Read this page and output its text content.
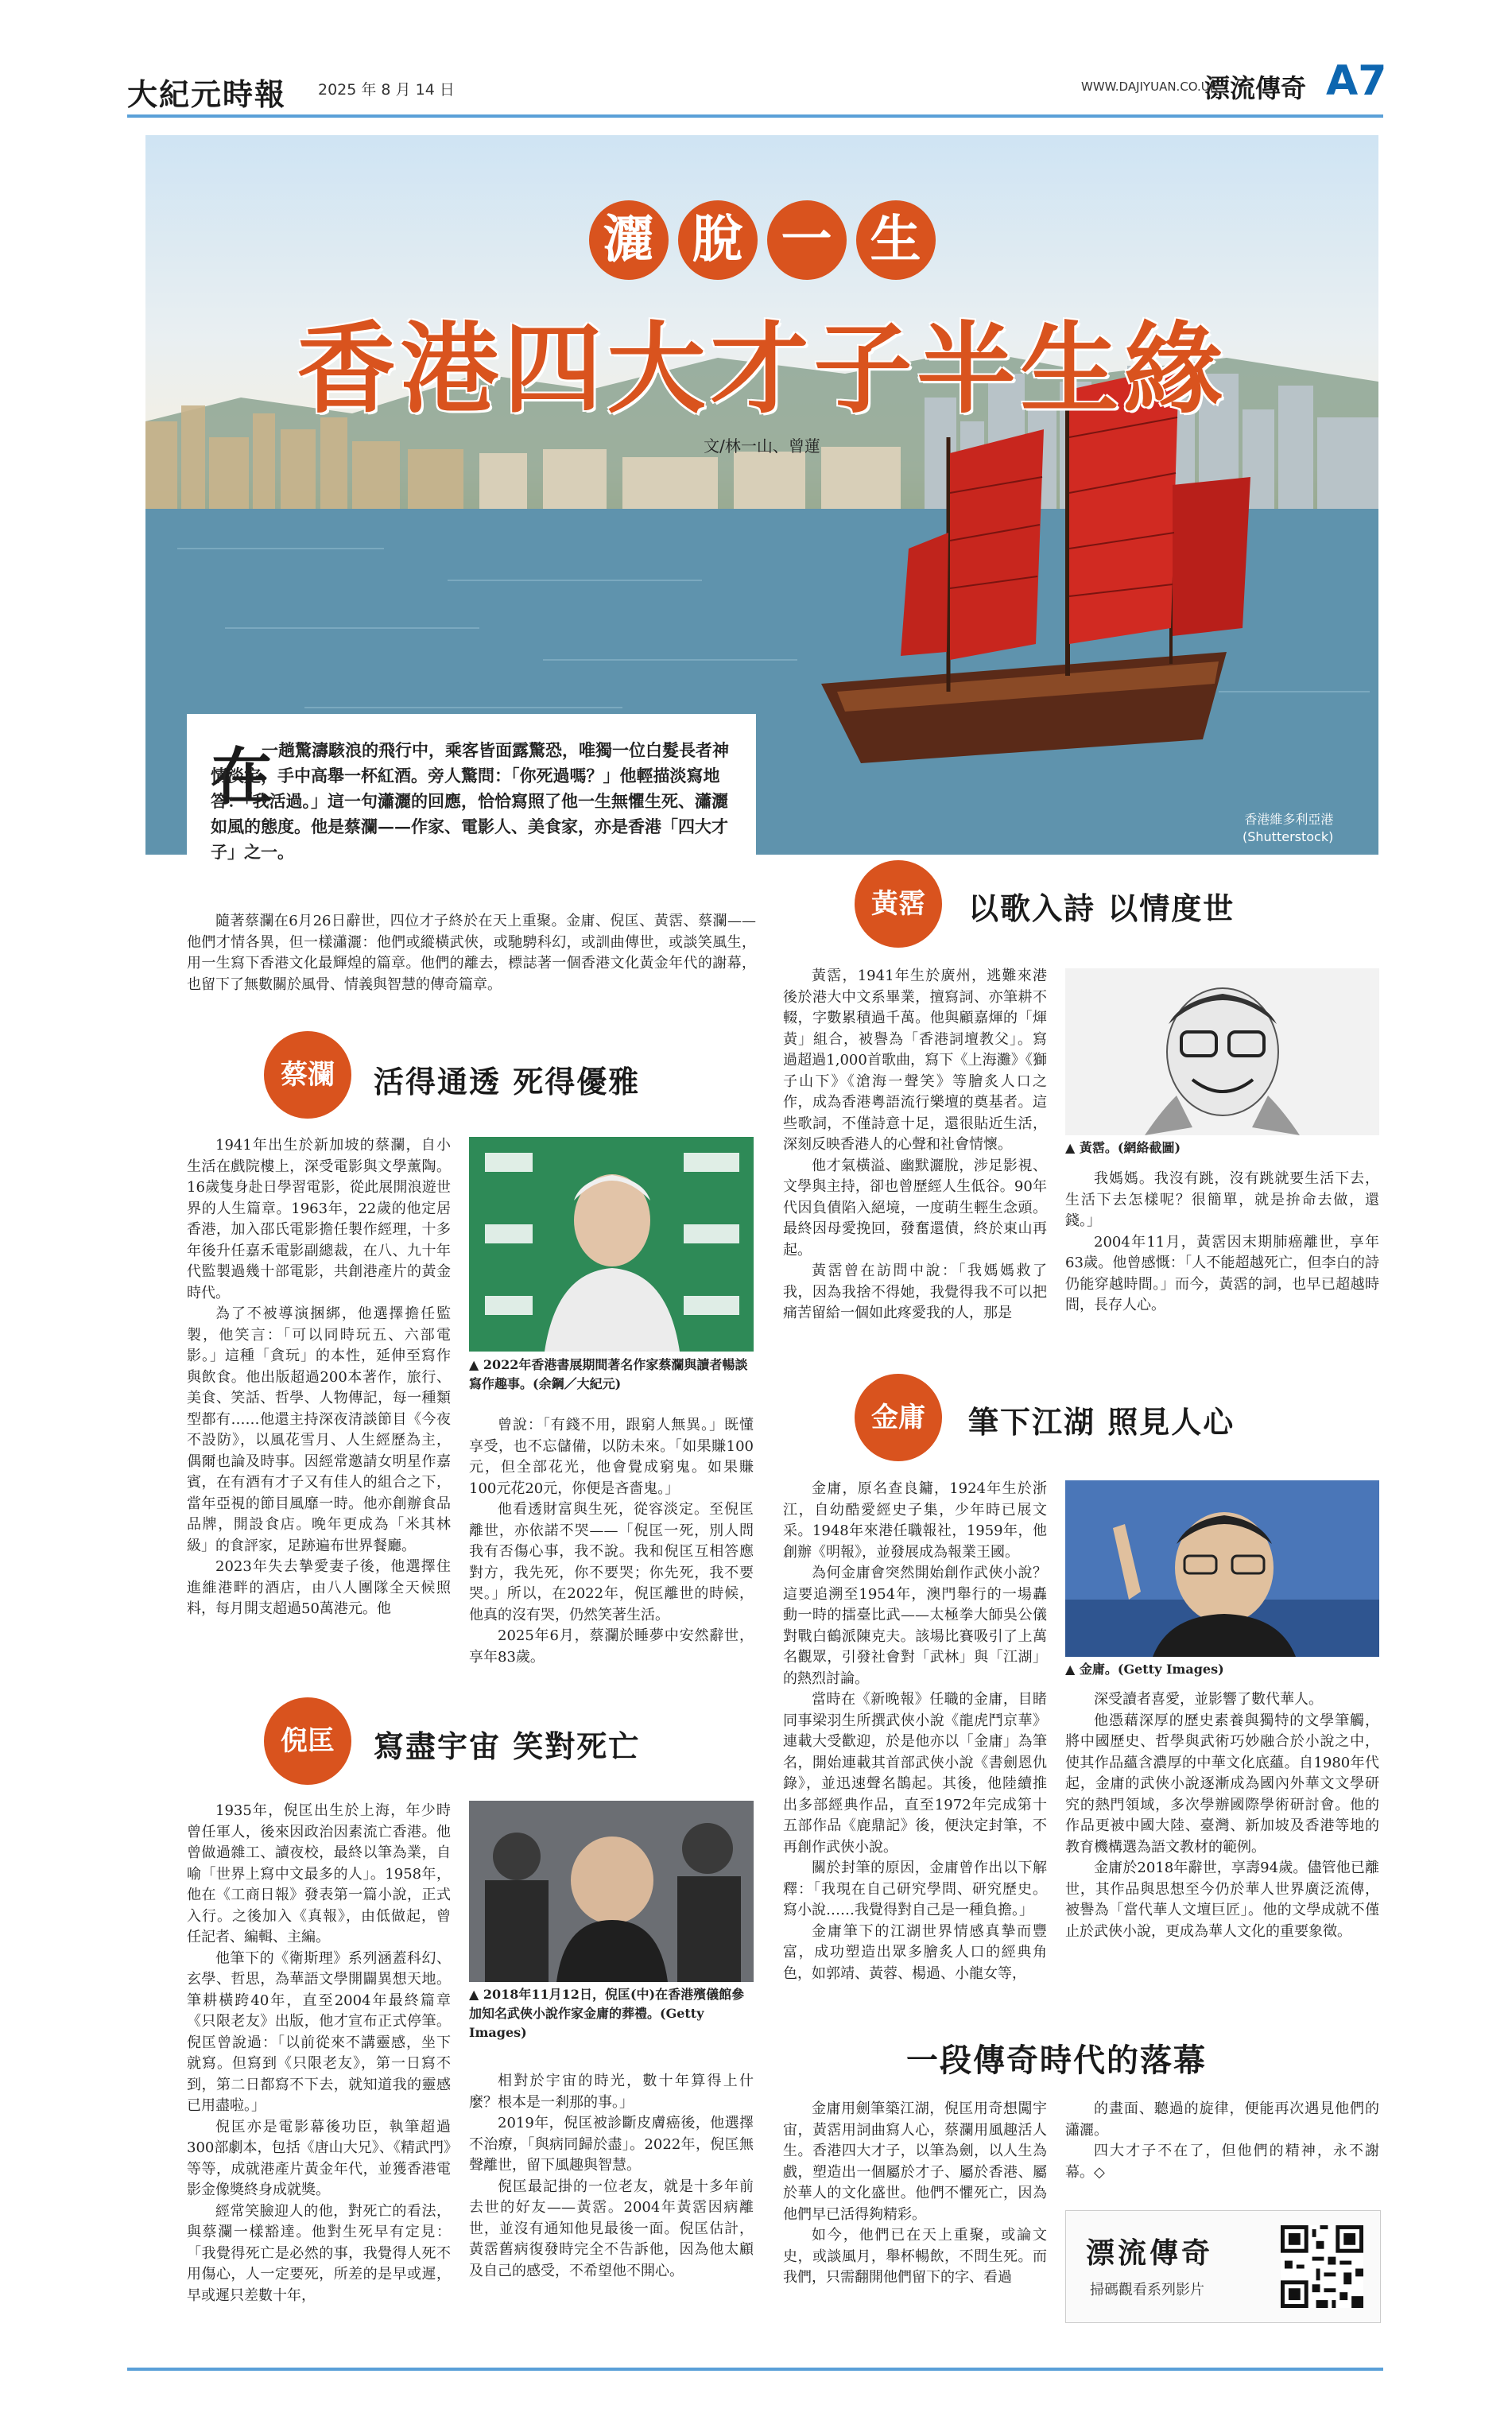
大紀元時報 2025 年 8 月 14 日	WWW.DAJIYUAN.CO.UK
漂流傳奇 A7
灑 脫 一 生
香港四大才子半生緣
文/林一山、曾蓮
香港維多利亞港
(Shutterstock)
在
一趟驚濤駭浪的飛行中，乘客皆面露驚恐，唯獨一位白髮長者神情淡定，手中高舉一杯紅酒。旁人驚問：「你死過嗎？」他輕描淡寫地答：「我活過。」這一句瀟灑的回應，恰恰寫照了他一生無懼生死、瀟灑如風的態度。他是蔡瀾——作家、電影人、美食家，亦是香港「四大才子」之一。

隨著蔡瀾在6月26日辭世，四位才子終於在天上重聚。金庸、倪匡、黃霑、蔡瀾——他們才情各異，但一樣瀟灑：他們或縱橫武俠，或馳騁科幻，或訓曲傳世，或談笑風生，用一生寫下香港文化最輝煌的篇章。他們的離去，標誌著一個香港文化黃金年代的謝幕，也留下了無數關於風骨、情義與智慧的傳奇篇章。

蔡瀾	活得通透 死得優雅

1941年出生於新加坡的蔡瀾，自小生活在戲院樓上，深受電影與文學薰陶。16歲隻身赴日學習電影，從此展開浪遊世界的人生篇章。1963年，22歲的他定居香港，加入邵氏電影擔任製作經理，十多年後升任嘉禾電影副總裁，在八、九十年代監製過幾十部電影，共創港產片的黃金時代。

為了不被導演捆綁，他選擇擔任監製，他笑言：「可以同時玩五、六部電影。」這種「貪玩」的本性，延伸至寫作與飲食。他出版超過200本著作，旅行、美食、笑話、哲學、人物傳記，每一種類型都有……他還主持深夜清談節目《今夜不設防》，以風花雪月、人生經歷為主，偶爾也論及時事。因經常邀請女明星作嘉賓，在有酒有才子又有佳人的組合之下，當年亞視的節目風靡一時。他亦創辦食品品牌，開設食店。晚年更成為「米其林級」的食評家，足跡遍布世界餐廳。

2023年失去摯愛妻子後，他選擇住進維港畔的酒店，由八人團隊全天候照料，每月開支超過50萬港元。他

▲ 2022年香港書展期間著名作家蔡瀾與讀者暢談寫作趣事。(余鋼／大紀元)

曾說：「有錢不用，跟窮人無異。」既懂享受，也不忘儲備，以防未來。「如果賺100元，但全部花光，他會覺成窮鬼。如果賺100元花20元，你便是吝嗇鬼。」

他看透財富與生死，從容淡定。至倪匡離世，亦依諾不哭——「倪匡一死，別人問我有否傷心事，我不說。我和倪匡互相答應對方，我先死，你不要哭；你先死，我不要哭。」所以，在2022年，倪匡離世的時候，他真的沒有哭，仍然笑著生活。

2025年6月，蔡瀾於睡夢中安然辭世，享年83歲。

倪匡	寫盡宇宙 笑對死亡

1935年，倪匡出生於上海，年少時曾任軍人，後來因政治因素流亡香港。他曾做過雜工、讀夜校，最終以筆為業，自喻「世界上寫中文最多的人」。1958年，他在《工商日報》發表第一篇小說，正式入行。之後加入《真報》，由低做起，曾任記者、編輯、主編。

他筆下的《衛斯理》系列涵蓋科幻、玄學、哲思，為華語文學開闢異想天地。筆耕橫跨40年，直至2004年最終篇章《只限老友》出版，他才宣布正式停筆。倪匡曾說過：「以前從來不講靈感，坐下就寫。但寫到《只限老友》，第一日寫不到，第二日都寫不下去，就知道我的靈感已用盡啦。」

倪匡亦是電影幕後功臣，執筆超過300部劇本，包括《唐山大兄》、《精武門》等等，成就港產片黃金年代，並獲香港電影金像獎終身成就獎。

經常笑臉迎人的他，對死亡的看法，與蔡瀾一樣豁達。他對生死早有定見：「我覺得死亡是必然的事，我覺得人死不用傷心，人一定要死，所差的是早或遲，早或遲只差數十年，

▲ 2018年11月12日，倪匡(中)在香港殯儀館參加知名武俠小說作家金庸的葬禮。(Getty Images)

相對於宇宙的時光，數十年算得上什麼？根本是一剎那的事。」

2019年，倪匡被診斷皮膚癌後，他選擇不治療，「與病同歸於盡」。2022年，倪匡無聲離世，留下風趣與智慧。

倪匡最記掛的一位老友，就是十多年前去世的好友——黃霑。2004年黃霑因病離世，並沒有通知他見最後一面。倪匡估計，黃霑舊病復發時完全不告訴他，因為他太顧及自己的感受，不希望他不開心。

黃霑	以歌入詩 以情度世

黃霑，1941年生於廣州，逃難來港後於港大中文系畢業，擅寫詞、亦筆耕不輟，字數累積過千萬。他與顧嘉煇的「煇黃」組合，被譽為「香港詞壇教父」。寫過超過1,000首歌曲，寫下《上海灘》《獅子山下》《滄海一聲笑》等膾炙人口之作，成為香港粵語流行樂壇的奠基者。這些歌詞，不僅詩意十足，還很貼近生活，深刻反映香港人的心聲和社會情懷。

他才氣橫溢、幽默灑脫，涉足影視、文學與主持，卻也曾歷經人生低谷。90年代因負債陷入絕境，一度萌生輕生念頭。最終因母愛挽回，發奮還債，終於東山再起。

黃霑曾在訪問中說：「我媽媽救了我，因為我捨不得她，我覺得我不可以把痛苦留給一個如此疼愛我的人，那是

▲ 黃霑。(網絡截圖)

我媽媽。我沒有跳，沒有跳就要生活下去，生活下去怎樣呢？很簡單，就是拚命去做，還錢。」

2004年11月，黃霑因末期肺癌離世，享年63歲。他曾感慨：「人不能超越死亡，但李白的詩仍能穿越時間。」而今，黃霑的詞，也早已超越時間，長存人心。

金庸	筆下江湖 照見人心

金庸，原名查良鏞，1924年生於浙江，自幼酷愛經史子集，少年時已展文采。1948年來港任職報社，1959年，他創辦《明報》，並發展成為報業王國。

為何金庸會突然開始創作武俠小說？這要追溯至1954年，澳門舉行的一場轟動一時的擂臺比武——太極拳大師吳公儀對戰白鶴派陳克夫。該場比賽吸引了上萬名觀眾，引發社會對「武林」與「江湖」的熱烈討論。

當時在《新晚報》任職的金庸，目睹同事梁羽生所撰武俠小說《龍虎鬥京華》連載大受歡迎，於是他亦以「金庸」為筆名，開始連載其首部武俠小說《書劍恩仇錄》，並迅速聲名鵲起。其後，他陸續推出多部經典作品，直至1972年完成第十五部作品《鹿鼎記》後，便決定封筆，不再創作武俠小說。

關於封筆的原因，金庸曾作出以下解釋：「我現在自己研究學問、研究歷史。寫小說……我覺得對自己是一種負擔。」

金庸筆下的江湖世界情感真摯而豐富，成功塑造出眾多膾炙人口的經典角色，如郭靖、黃蓉、楊過、小龍女等，

▲ 金庸。(Getty Images)

深受讀者喜愛，並影響了數代華人。

他憑藉深厚的歷史素養與獨特的文學筆觸，將中國歷史、哲學與武術巧妙融合於小說之中，使其作品蘊含濃厚的中華文化底蘊。自1980年代起，金庸的武俠小說逐漸成為國內外華文文學研究的熱門領域，多次學辦國際學術研討會。他的作品更被中國大陸、臺灣、新加坡及香港等地的教育機構選為語文教材的範例。

金庸於2018年辭世，享壽94歲。儘管他已離世，其作品與思想至今仍於華人世界廣泛流傳，被譽為「當代華人文壇巨匠」。他的文學成就不僅止於武俠小說，更成為華人文化的重要象徵。

一段傳奇時代的落幕

金庸用劍筆築江湖，倪匡用奇想闖宇宙，黃霑用詞曲寫人心，蔡瀾用風趣活人生。香港四大才子，以筆為劍，以人生為戲，塑造出一個屬於才子、屬於香港、屬於華人的文化盛世。他們不懼死亡，因為他們早已活得夠精彩。

如今，他們已在天上重聚，或論文史，或談風月，舉杯暢飲，不問生死。而我們，只需翻開他們留下的字、看過

的畫面、聽過的旋律，便能再次遇見他們的瀟灑。

四大才子不在了，但他們的精神，永不謝幕。◇

漂流傳奇
掃碼觀看系列影片
